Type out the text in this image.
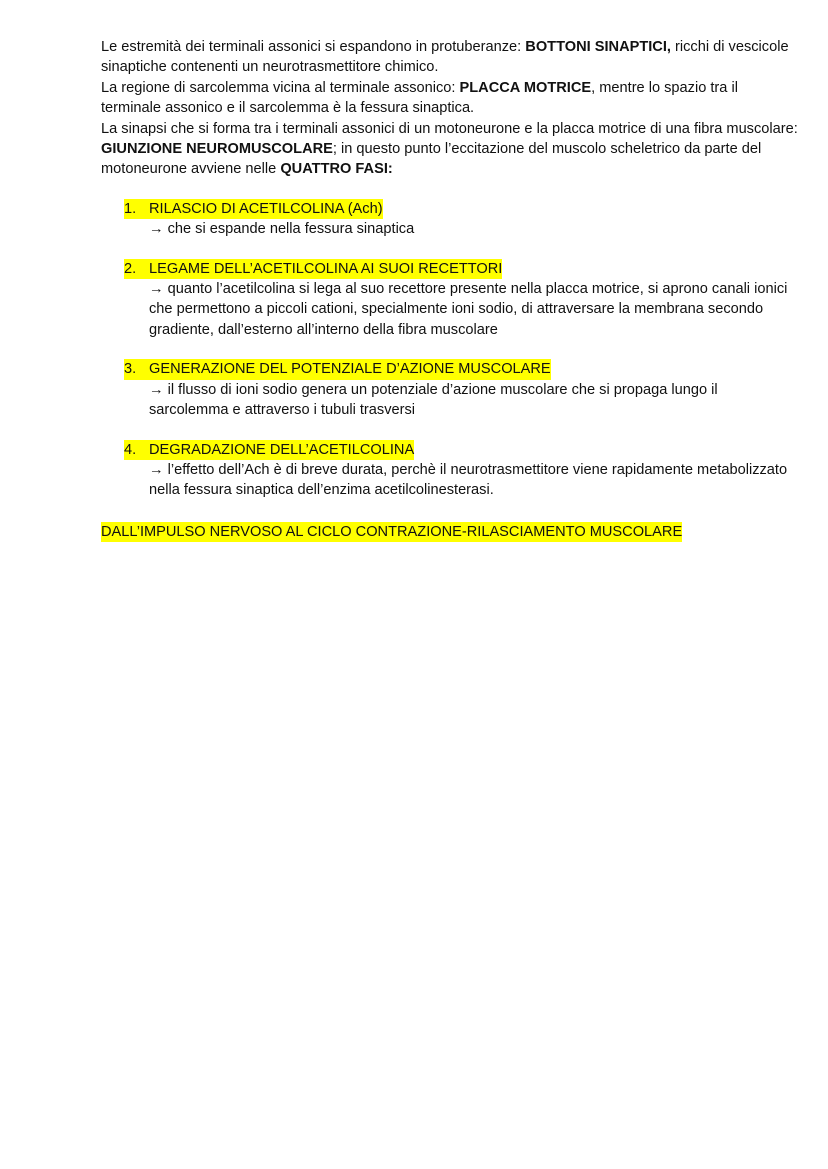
Le estremità dei terminali assonici si espandono in protuberanze: BOTTONI SINAPTICI, ricchi di vescicole sinaptiche contenenti un neurotrasmettitore chimico.

La regione di sarcolemma vicina al terminale assonico: PLACCA MOTRICE, mentre lo spazio tra il terminale assonico e il sarcolemma è la fessura sinaptica.

La sinapsi che si forma tra i terminali assonici di un motoneurone e la placca motrice di una fibra muscolare: GIUNZIONE NEUROMUSCOLARE; in questo punto l’eccitazione del muscolo scheletrico da parte del motoneurone avviene nelle QUATTRO FASI:

1. RILASCIO DI ACETILCOLINA (Ach)

→ che si espande nella fessura sinaptica

2. LEGAME DELL’ACETILCOLINA AI SUOI RECETTORI

→ quanto l’acetilcolina si lega al suo recettore presente nella placca motrice, si aprono canali ionici che permettono a piccoli cationi, specialmente ioni sodio, di attraversare la membrana secondo gradiente, dall’esterno all’interno della fibra muscolare

3. GENERAZIONE DEL POTENZIALE D’AZIONE MUSCOLARE

→ il flusso di ioni sodio genera un potenziale d’azione muscolare che si propaga lungo il sarcolemma e attraverso i tubuli trasversi

4. DEGRADAZIONE DELL’ACETILCOLINA

→ l’effetto dell’Ach è di breve durata, perchè il neurotrasmettitore viene rapidamente metabolizzato nella fessura sinaptica dell’enzima acetilcolinesterasi.

DALL’IMPULSO NERVOSO AL CICLO CONTRAZIONE-RILASCIAMENTO MUSCOLARE
